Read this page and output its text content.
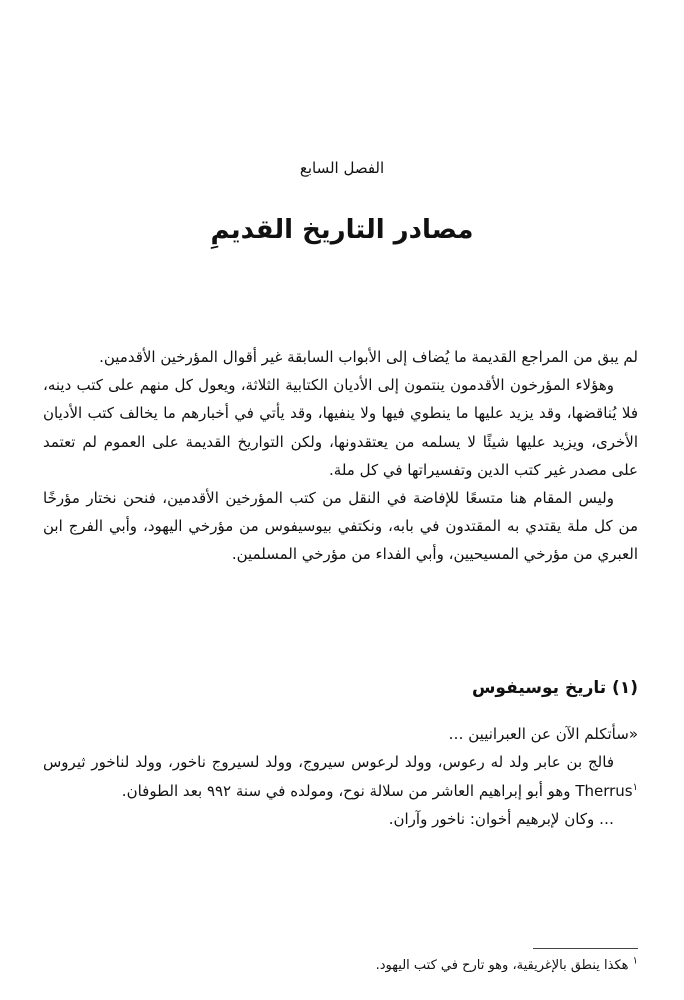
الفصل السابع
مصادر التاريخ القديمِ

لم يبق من المراجع القديمة ما يُضاف إلى الأبواب السابقة غير أقوال المؤرخين الأقدمين.

وهؤلاء المؤرخون الأقدمون ينتمون إلى الأديان الكتابية الثلاثة، ويعول كل منهم على كتب دينه، فلا يُناقضها، وقد يزيد عليها ما ينطوي فيها ولا ينفيها، وقد يأتي في أخبارهم ما يخالف كتب الأديان الأخرى، ويزيد عليها شيئًا لا يسلمه من يعتقدونها، ولكن التواريخ القديمة على العموم لم تعتمد على مصدر غير كتب الدين وتفسيراتها في كل ملة.

وليس المقام هنا متسعًا للإفاضة في النقل من كتب المؤرخين الأقدمين، فنحن نختار مؤرخًا من كل ملة يقتدي به المقتدون في بابه، ونكتفي بيوسيفوس من مؤرخي اليهود، وأبي الفرج ابن العبري من مؤرخي المسيحيين، وأبي الفداء من مؤرخي المسلمين.

(١) تاريخ يوسيفوس

«سأتكلم الآن عن العبرانيين …

فالج بن عابر ولد له رعوس، وولد لرعوس سيروج، وولد لسيروج ناخور، وولد لناخور ثيروس Therrus$^١$ وهو أبو إبراهيم العاشر من سلالة نوح، ومولده في سنة ٩٩٢ بعد الطوفان.

… وكان لإبرهيم أخوان: ناخور وآران.

$^١$ هكذا ينطق بالإغريقية، وهو تارح في كتب اليهود.
